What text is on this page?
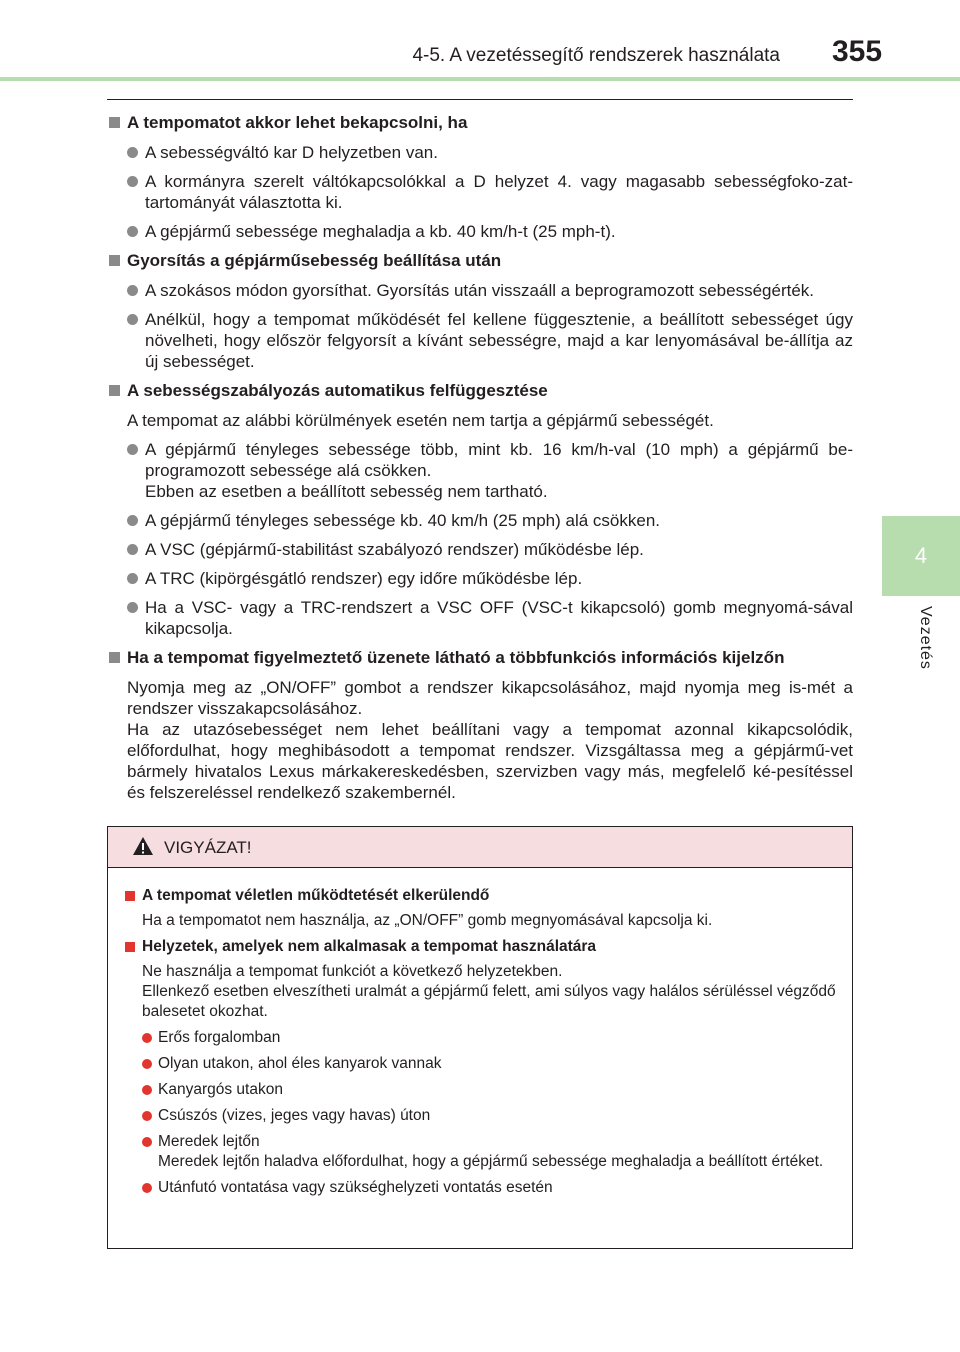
4-5. A vezetéssegítő rendszerek használata 355
4
Vezetés
A tempomatot akkor lehet bekapcsolni, ha
A sebességváltó kar D helyzetben van.
A kormányra szerelt váltókapcsolókkal a D helyzet 4. vagy magasabb sebességfoko-zat-tartományát választotta ki.
A gépjármű sebessége meghaladja a kb. 40 km/h-t (25 mph-t).
Gyorsítás a gépjárműsebesség beállítása után
A szokásos módon gyorsíthat. Gyorsítás után visszaáll a beprogramozott sebességérték.
Anélkül, hogy a tempomat működését fel kellene függesztenie, a beállított sebességet úgy növelheti, hogy először felgyorsít a kívánt sebességre, majd a kar lenyomásával be-állítja az új sebességet.
A sebességszabályozás automatikus felfüggesztése
A tempomat az alábbi körülmények esetén nem tartja a gépjármű sebességét.
A gépjármű tényleges sebessége több, mint kb. 16 km/h-val (10 mph) a gépjármű be-programozott sebessége alá csökken.
Ebben az esetben a beállított sebesség nem tartható.
A gépjármű tényleges sebessége kb. 40 km/h (25 mph) alá csökken.
A VSC (gépjármű-stabilitást szabályozó rendszer) működésbe lép.
A TRC (kipörgésgátló rendszer) egy időre működésbe lép.
Ha a VSC- vagy a TRC-rendszert a VSC OFF (VSC-t kikapcsoló) gomb megnyomá-sával kikapcsolja.
Ha a tempomat figyelmeztető üzenete látható a többfunkciós információs kijelzőn
Nyomja meg az „ON/OFF” gombot a rendszer kikapcsolásához, majd nyomja meg is-mét a rendszer visszakapcsolásához.
Ha az utazósebességet nem lehet beállítani vagy a tempomat azonnal kikapcsolódik, előfordulhat, hogy meghibásodott a tempomat rendszer. Vizsgáltassa meg a gépjármű-vet bármely hivatalos Lexus márkakereskedésben, szervizben vagy más, megfelelő ké-pesítéssel és felszereléssel rendelkező szakembernél.
VIGYÁZAT!
A tempomat véletlen működtetését elkerülendő
Ha a tempomatot nem használja, az „ON/OFF” gomb megnyomásával kapcsolja ki.
Helyzetek, amelyek nem alkalmasak a tempomat használatára
Ne használja a tempomat funkciót a következő helyzetekben.
Ellenkező esetben elveszítheti uralmát a gépjármű felett, ami súlyos vagy halálos sérüléssel végződő balesetet okozhat.
Erős forgalomban
Olyan utakon, ahol éles kanyarok vannak
Kanyargós utakon
Csúszós (vizes, jeges vagy havas) úton
Meredek lejtőn
Meredek lejtőn haladva előfordulhat, hogy a gépjármű sebessége meghaladja a beállított értéket.
Utánfutó vontatása vagy szükséghelyzeti vontatás esetén
